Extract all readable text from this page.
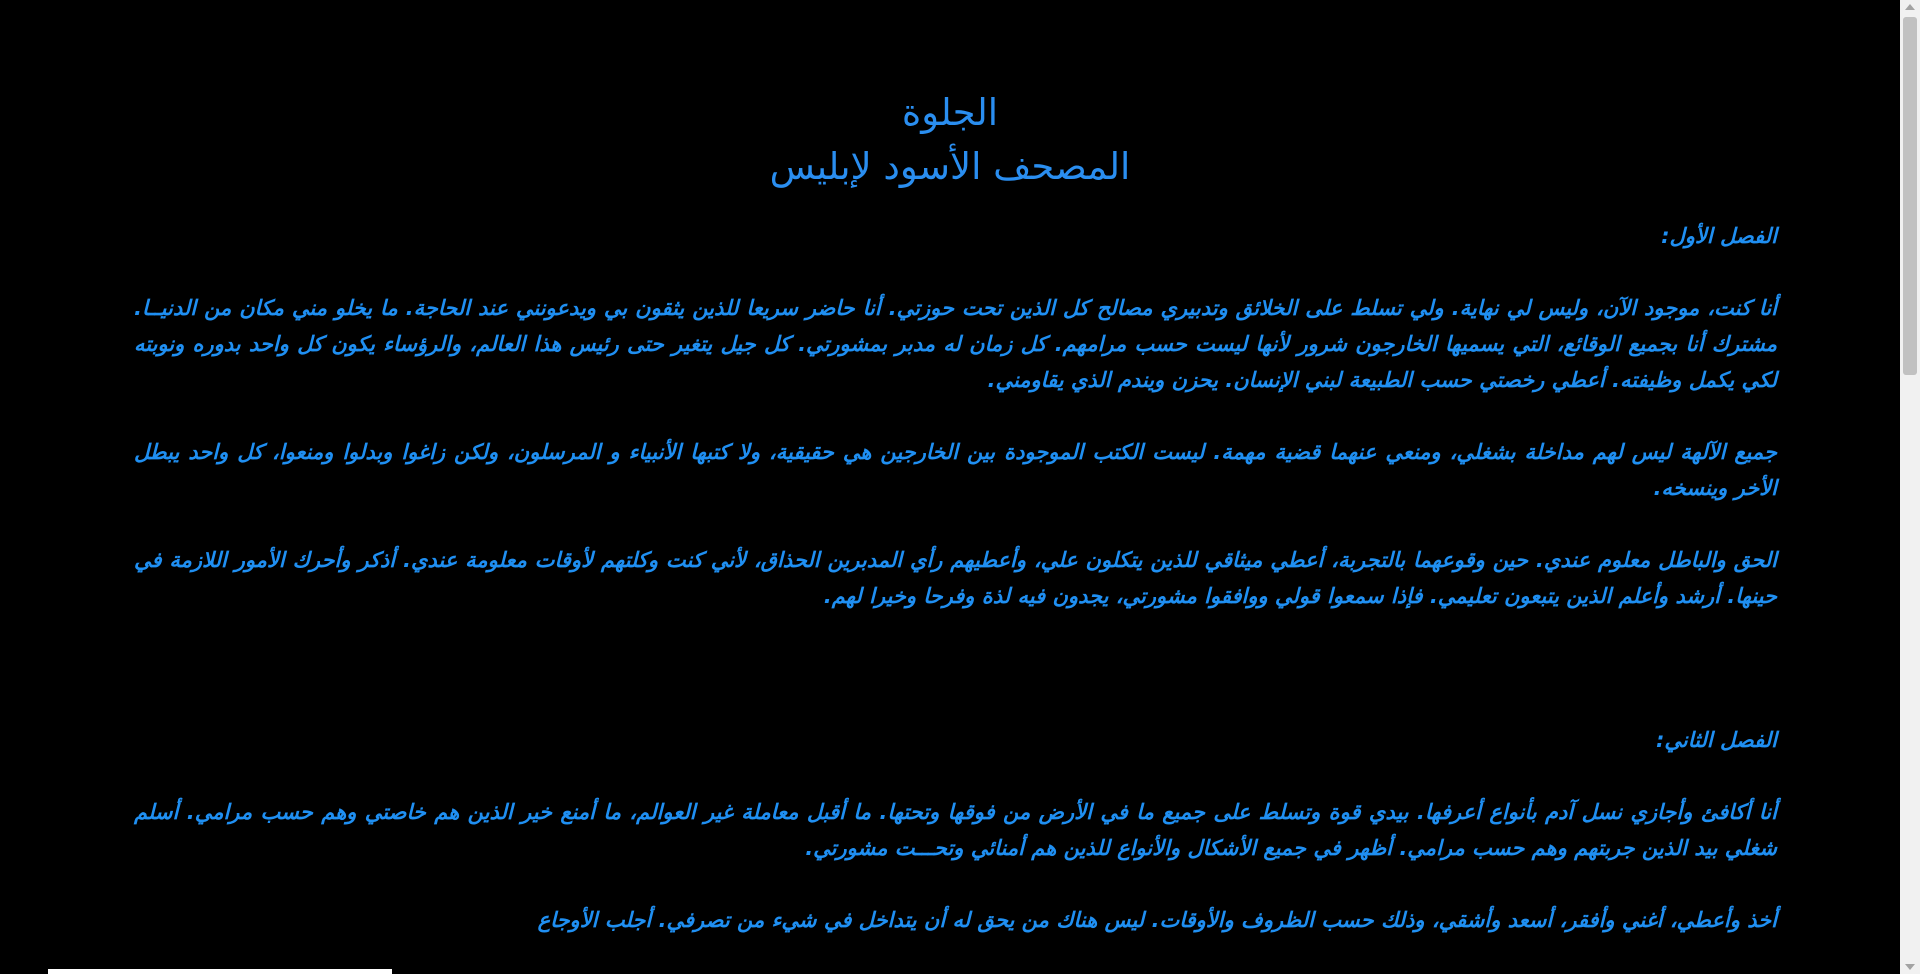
الجلوة

المصحف الأسود لإبليس

الفصل الأول:

أنا كنت، موجود الآن، وليس لي نهاية. ولي تسلط على الخلائق وتدبيري مصالح كل الذين تحت حوزتي. أنا حاضر سريعا للذين يثقون بي ويدعونني عند الحاجة. ما يخلو مني مكان من الدنيــا. مشترك أنا بجميع الوقائع، التي يسميها الخارجون شرور لأنها ليست حسب مرامهم. كل زمان له مدبر بمشورتي. كل جيل يتغير حتى رئيس هذا العالم، والرؤساء يكون كل واحد بدوره ونوبته لكي يكمل وظيفته. أعطي رخصتي حسب الطبيعة لبني الإنسان. يحزن ويندم الذي يقاومني.

جميع الآلهة ليس لهم مداخلة بشغلي، ومنعي عنهما قضية مهمة. ليست الكتب الموجودة بين الخارجين هي حقيقية، ولا كتبها الأنبياء و المرسلون، ولكن زاغوا وبدلوا ومنعوا، كل واحد يبطل الأخر وينسخه.

الحق والباطل معلوم عندي. حين وقوعهما بالتجربة، أعطي ميثاقي للذين يتكلون علي، وأعطيهم رأي المدبرين الحذاق، لأني كنت وكلتهم لأوقات معلومة عندي. أذكر وأحرك الأمور اللازمة في حينها. أرشد وأعلم الذين يتبعون تعليمي. فإذا سمعوا قولي ووافقوا مشورتي، يجدون فيه لذة وفرحا وخيرا لهم.

الفصل الثاني:

أنا أكافئ وأجازي نسل آدم بأنواع أعرفها. بيدي قوة وتسلط على جميع ما في الأرض من فوقها وتحتها. ما أقبل معاملة غير العوالم، ما أمنع خير الذين هم خاصتي وهم حسب مرامي. أسلم شغلي بيد الذين جربتهم وهم حسب مرامي. أظهر في جميع الأشكال والأنواع للذين هم أمنائي وتحـــت مشورتي.

أخذ وأعطي، أغني وأفقر، أسعد وأشقي، وذلك حسب الظروف والأوقات. ليس هناك من يحق له أن يتداخل في شيء من تصرفي. أجلب الأوجاع
